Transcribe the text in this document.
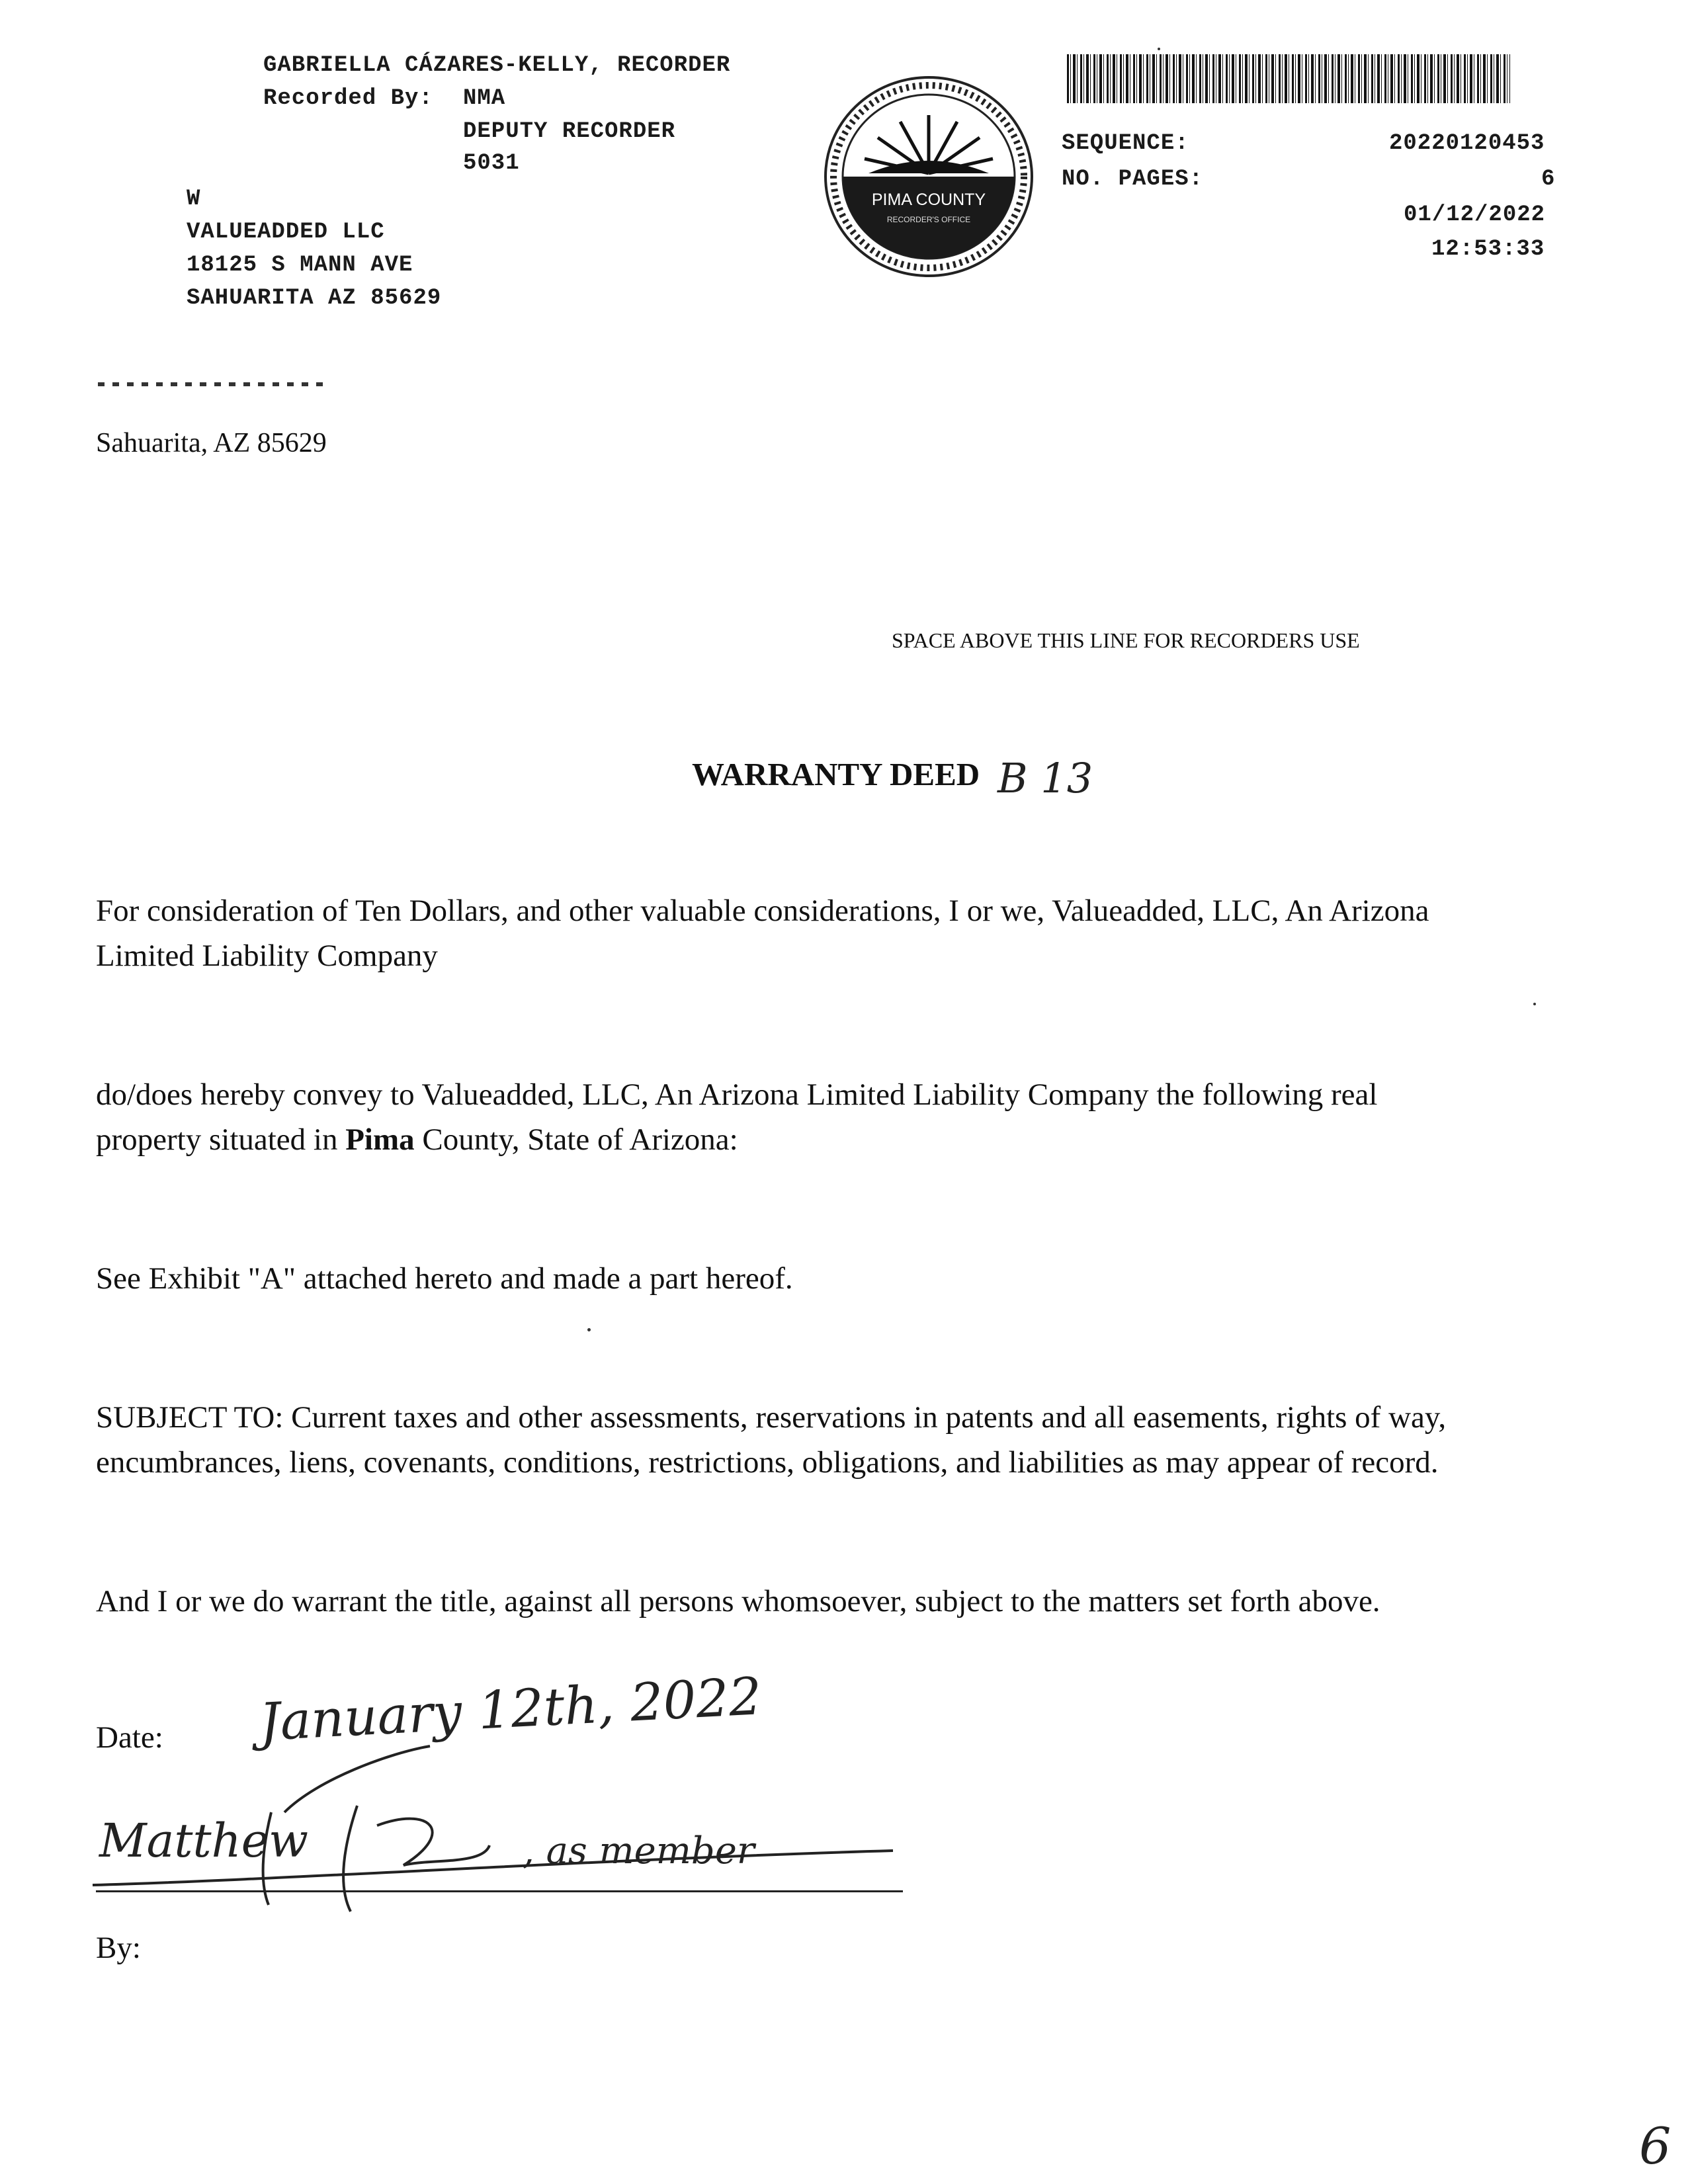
GABRIELLA CÁZARES-KELLY, RECORDER
Recorded By: NMA
DEPUTY RECORDER
5031
W
VALUEADDED LLC
18125 S MANN AVE
SAHUARITA AZ 85629
PIMA COUNTY
RECORDER'S OFFICE
SEQUENCE:	20220120453
NO. PAGES:	6
01/12/2022
12:53:33
Sahuarita, AZ 85629
SPACE ABOVE THIS LINE FOR RECORDERS USE
WARRANTY DEED B 13
For consideration of Ten Dollars, and other valuable considerations, I or we, Valueadded, LLC, An Arizona
Limited Liability Company
do/does hereby convey to Valueadded, LLC, An Arizona Limited Liability Company the following real
property situated in Pima County, State of Arizona:
See Exhibit "A" attached hereto and made a part hereof.
SUBJECT TO: Current taxes and other assessments, reservations in patents and all easements, rights of way,
encumbrances, liens, covenants, conditions, restrictions, obligations, and liabilities as may appear of record.
And I or we do warrant the title, against all persons whomsoever, subject to the matters set forth above.
Date: January 12th, 2022
Matthew	, as member
By:
6
